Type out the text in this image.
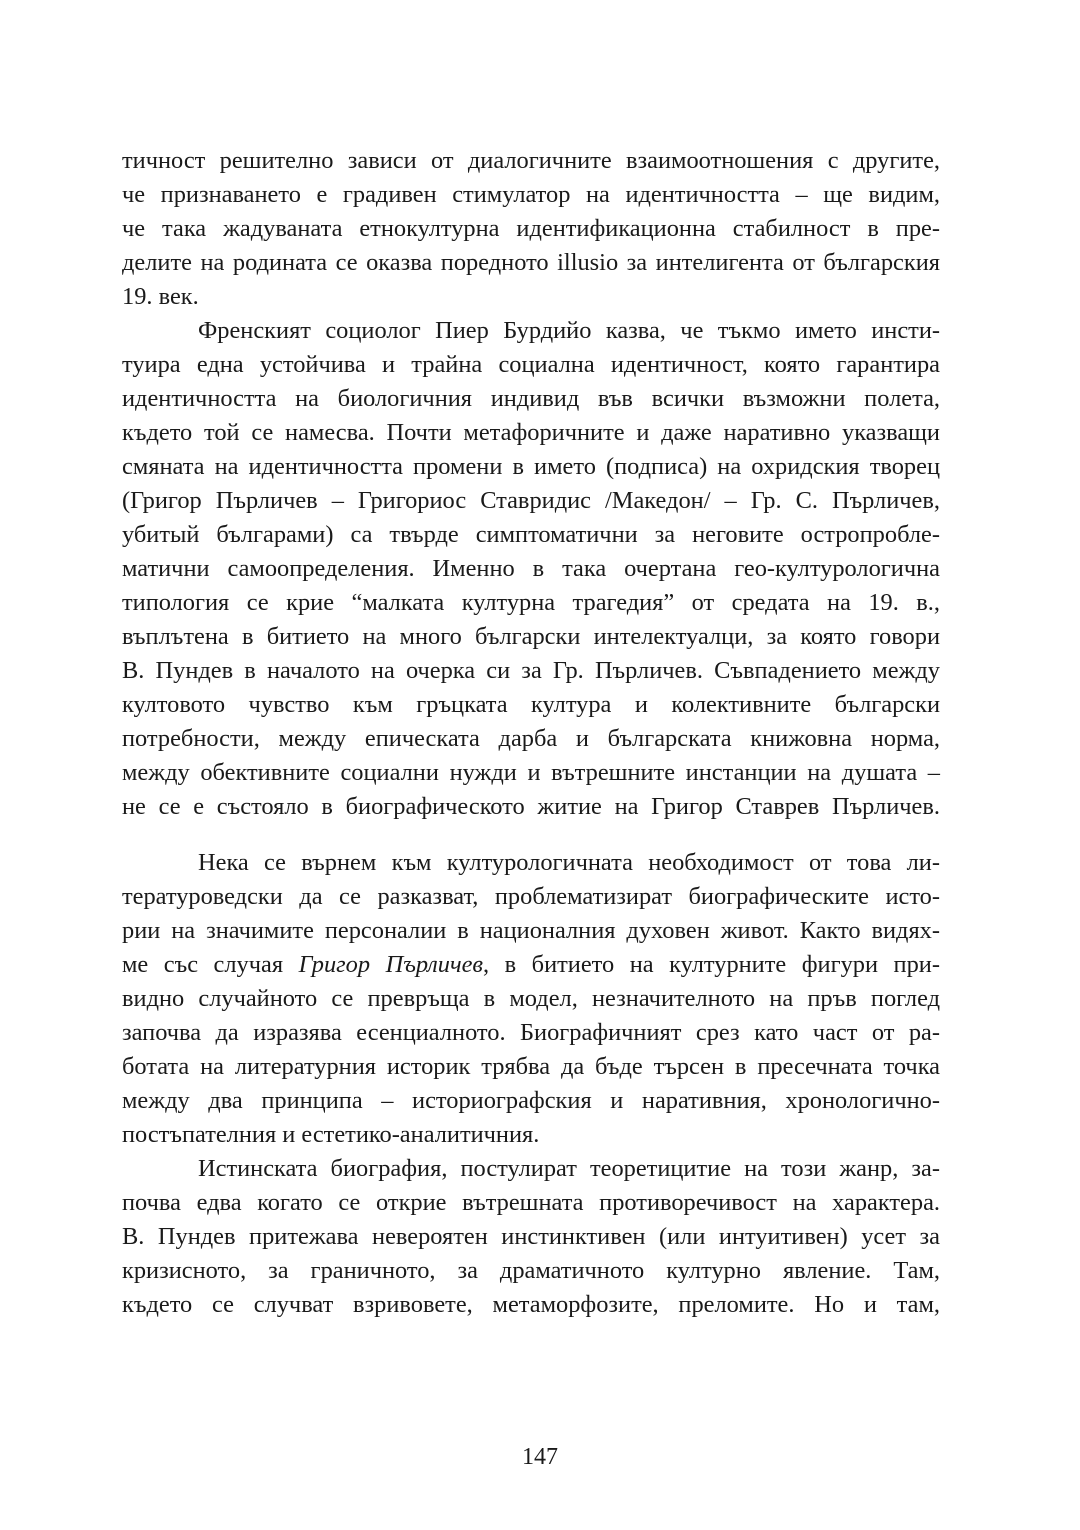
тичност решително зависи от диалогичните взаимоотношения с другите,
че признаването е градивен стимулатор на идентичността – ще видим,
че така жадуваната етнокултурна идентификационна стабилност в пре-
делите на родината се оказва поредното illusio за интелигента от българския
19. век.
Френският социолог Пиер Бурдийо казва, че тъкмо името инсти-
туира една устойчива и трайна социална идентичност, която гарантира
идентичността на биологичния индивид във всички възможни полета,
където той се намесва. Почти метафоричните и даже наративно указващи
смяната на идентичността промени в името (подписа) на охридския творец
(Григор Пърличев – Григориос Ставридис /Македон/ – Гр. С. Пърличев,
убитый българами) са твърде симптоматични за неговите остропробле-
матични самоопределения. Именно в така очертана гео-културологична
типология се крие “малката културна трагедия” от средата на 19. в.,
въплътена в битието на много български интелектуалци, за която говори
В. Пундев в началото на очерка си за Гр. Пърличев. Съвпадението между
култовото чувство към гръцката култура и колективните български
потребности, между епическата дарба и българската книжовна норма,
между обективните социални нужди и вътрешните инстанции на душата –
не се е състояло в биографическото житие на Григор Ставрев Пърличев.
Нека се върнем към културологичната необходимост от това ли-
тературоведски да се разказват, проблематизират биографическите исто-
рии на значимите персоналии в националния духовен живот. Както видях-
ме със случая Григор Пърличев, в битието на културните фигури при-
видно случайното се превръща в модел, незначителното на пръв поглед
започва да изразява есенциалното. Биографичният срез като част от ра-
ботата на литературния историк трябва да бъде търсен в пресечната точка
между два принципа – историографския и наративния, хронологично-
постъпателния и естетико-аналитичния.
Истинската биография, постулират теоретицитие на този жанр, за-
почва едва когато се открие вътрешната противоречивост на характера.
В. Пундев притежава невероятен инстинктивен (или интуитивен) усет за
кризисното, за граничното, за драматичното културно явление. Там,
където се случват взривовете, метаморфозите, преломите. Но и там,
147
